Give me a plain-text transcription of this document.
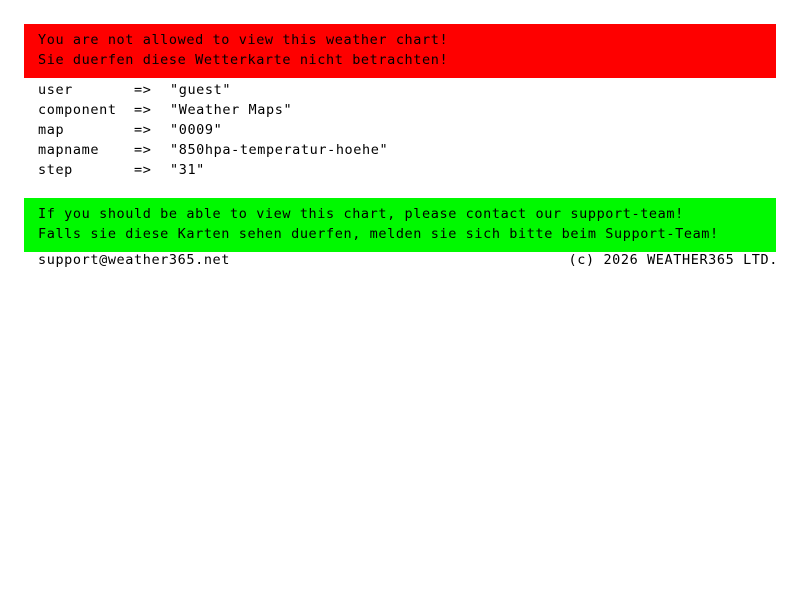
You are not allowed to view this weather chart!
Sie duerfen diese Wetterkarte nicht betrachten!
user	=>	"guest"
component	=>	"Weather Maps"
map	=>	"0009"
mapname	=>	"850hpa-temperatur-hoehe"
step	=>	"31"
If you should be able to view this chart, please contact our support-team!
Falls sie diese Karten sehen duerfen, melden sie sich bitte beim Support-Team!
support@weather365.net	(c) 2026 WEATHER365 LTD.
